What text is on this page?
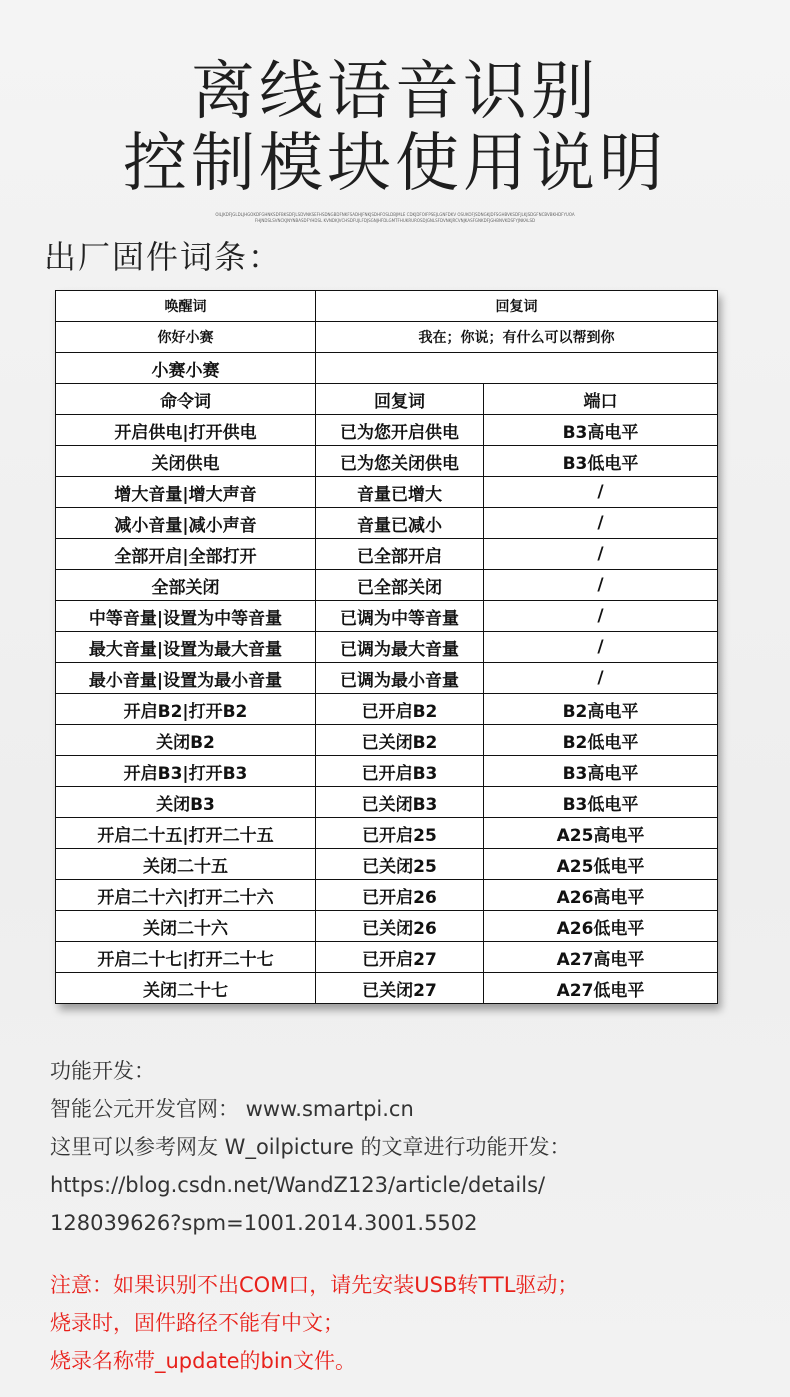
离线语音识别
控制模块使用说明
OILJKDFJGLDLJHGOKDFGHNKSDFBKSDFJLSDVNKSEFHSDNGBDFNKFSADHJFNKJSDHFOSLDBJMLE CDKJDFOIFPSEJLGNFDKV OSUKOFJSDNGKJDFSGHBVKSDFJLKJSDGFNCBVBKHDFYUOAFHJNDSLSVNCKJNYNBASDFYHDSL KVNDKJVCHSDFUJLFDJSGNJHFDLGMTFHUKRUROSDJGNLSFDVNKJRCVNJKASFGNKDFJGHBNVKDSFYJNKALSD
出厂固件词条：
唤醒词	回复词	
你好小赛	我在；你说；有什么可以帮到你	
小赛小赛		
命令词	回复词	端口
开启供电|打开供电	已为您开启供电	B3高电平
关闭供电	已为您关闭供电	B3低电平
增大音量|增大声音	音量已增大	/
减小音量|减小声音	音量已减小	/
全部开启|全部打开	已全部开启	/
全部关闭	已全部关闭	/
中等音量|设置为中等音量	已调为中等音量	/
最大音量|设置为最大音量	已调为最大音量	/
最小音量|设置为最小音量	已调为最小音量	/
开启B2|打开B2	已开启B2	B2高电平
关闭B2	已关闭B2	B2低电平
开启B3|打开B3	已开启B3	B3高电平
关闭B3	已关闭B3	B3低电平
开启二十五|打开二十五	已开启25	A25高电平
关闭二十五	已关闭25	A25低电平
开启二十六|打开二十六	已开启26	A26高电平
关闭二十六	已关闭26	A26低电平
开启二十七|打开二十七	已开启27	A27高电平
关闭二十七	已关闭27	A27低电平
功能开发：
智能公元开发官网： www.smartpi.cn
这里可以参考网友 W_oilpicture 的文章进行功能开发：
https://blog.csdn.net/WandZ123/article/details/
128039626?spm=1001.2014.3001.5502
注意：如果识别不出COM口，请先安装USB转TTL驱动；
烧录时，固件路径不能有中文；
烧录名称带_update的bin文件。
